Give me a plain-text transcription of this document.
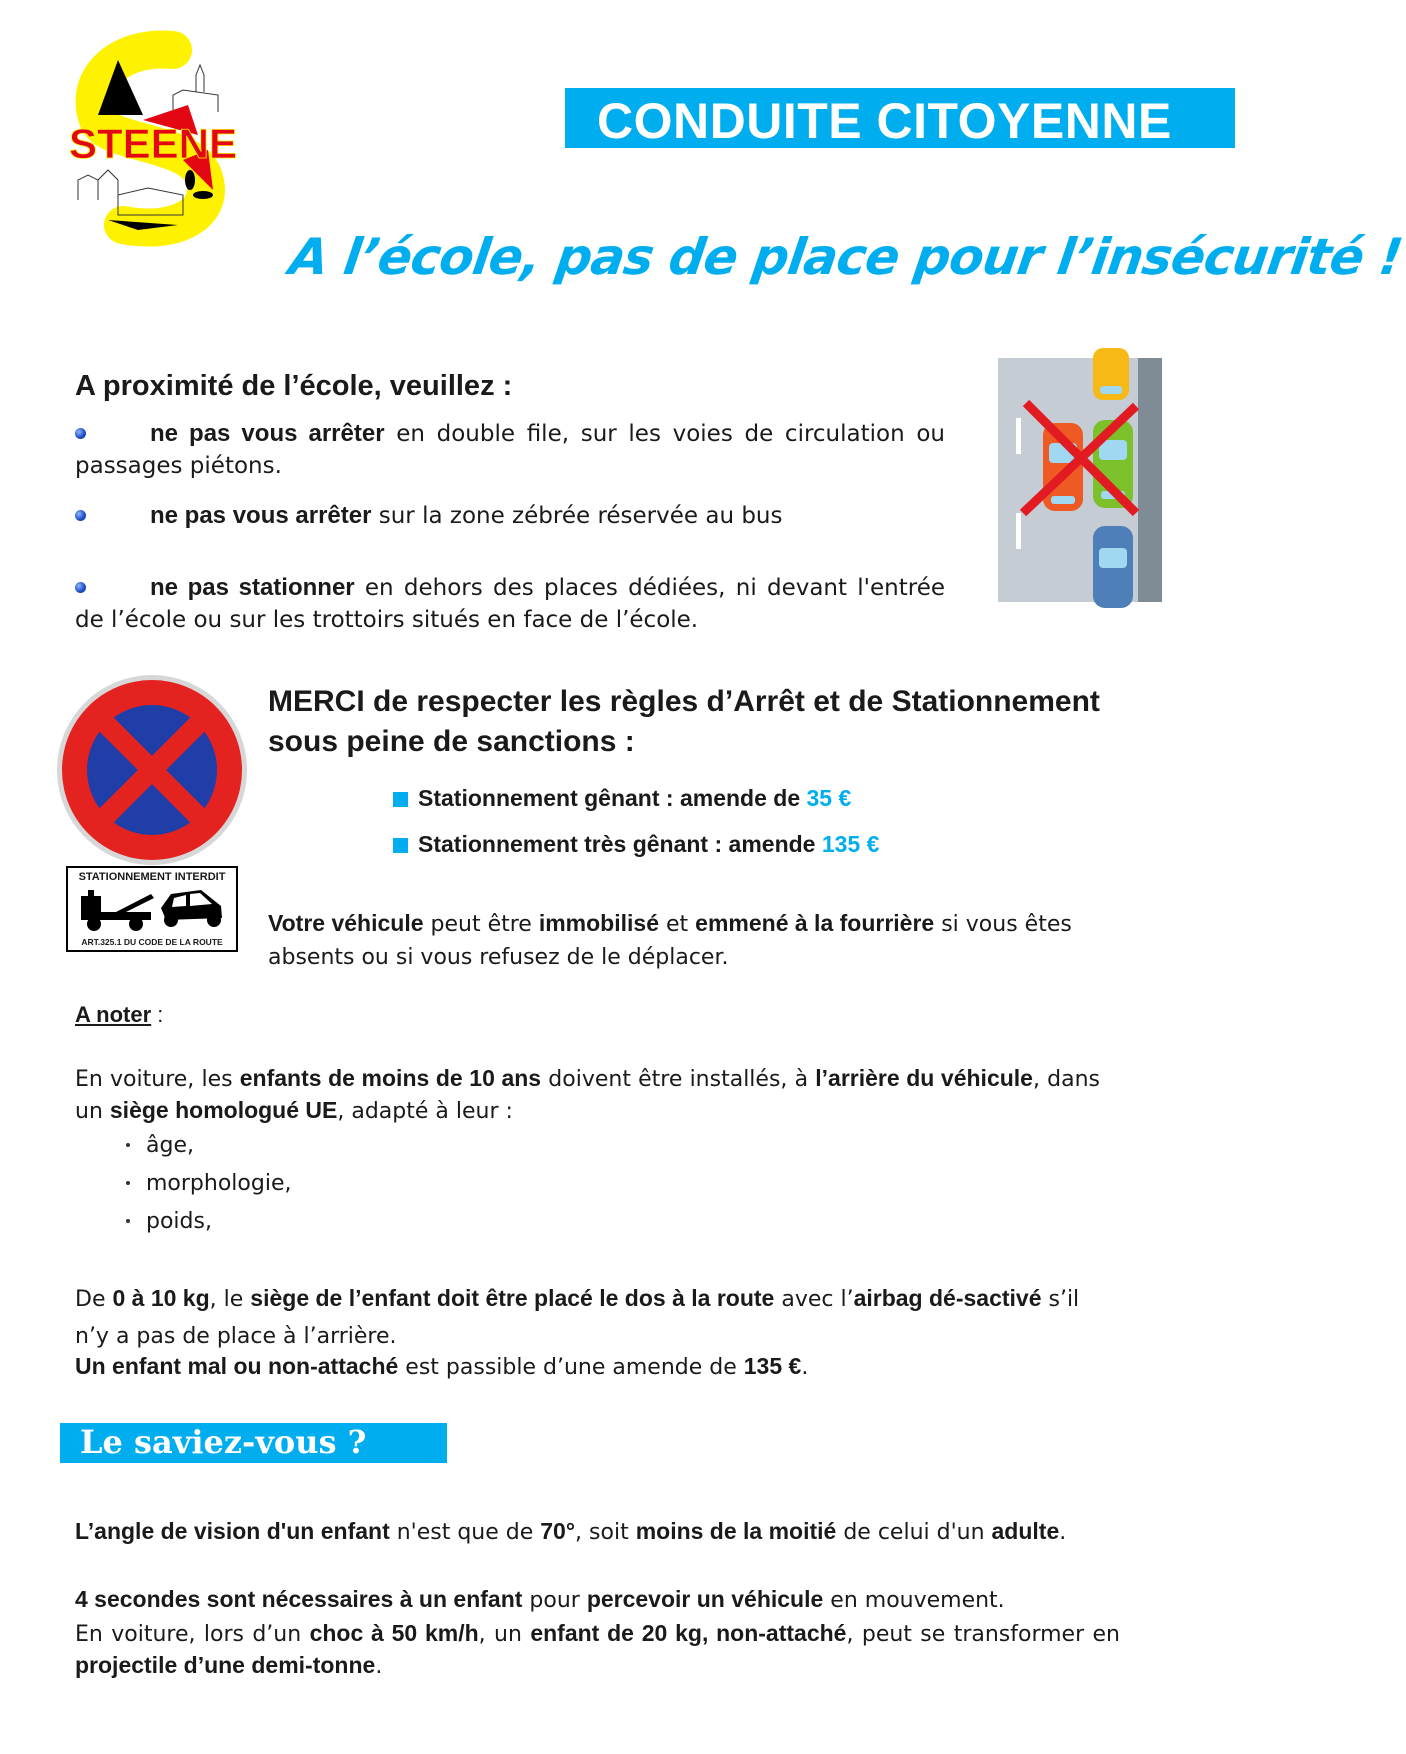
STEENE	CONDUITE CITOYENNE
A l’école, pas de place pour l’insécurité !
A proximité de l’école, veuillez :
ne pas vous arrêter en double file, sur les voies de circulation ou passages piétons.
ne pas vous arrêter sur la zone zébrée réservée au bus
ne pas stationner en dehors des places dédiées, ni devant l'entrée de l’école ou sur les trottoirs situés en face de l’école.
STATIONNEMENT INTERDIT
ART.325.1 DU CODE DE LA ROUTE
MERCI de respecter les règles d’Arrêt et de Stationnement
sous peine de sanctions :
Stationnement gênant : amende de 35 €
Stationnement très gênant : amende 135 €
Votre véhicule peut être immobilisé et emmené à la fourrière si vous êtes absents ou si vous refusez de le déplacer.
A noter :
En voiture, les enfants de moins de 10 ans doivent être installés, à l’arrière du véhicule, dans un siège homologué UE, adapté à leur :
âge,
morphologie,
poids,
De 0 à 10 kg, le siège de l’enfant doit être placé le dos à la route avec l’airbag dé-sactivé s’il n’y a pas de place à l’arrière.
Un enfant mal ou non-attaché est passible d’une amende de 135 €.
Le saviez-vous ?
L’angle de vision d'un enfant n'est que de 70°, soit moins de la moitié de celui d'un adulte.
4 secondes sont nécessaires à un enfant pour percevoir un véhicule en mouvement.
En voiture, lors d’un choc à 50 km/h, un enfant de 20 kg, non-attaché, peut se transformer en projectile d’une demi-tonne.
